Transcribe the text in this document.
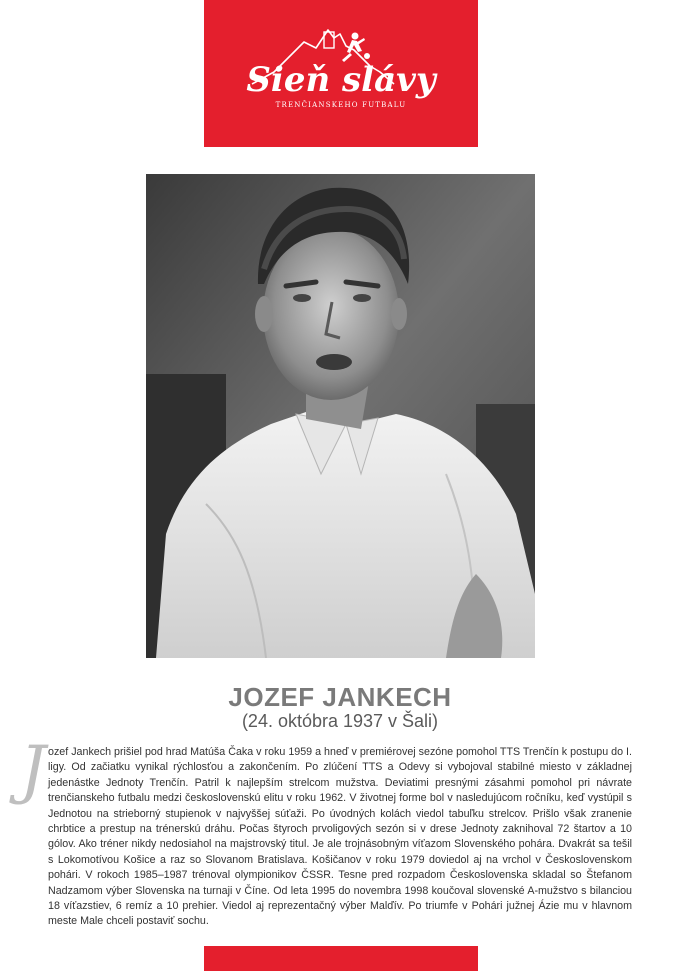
Sieň slávy
TRENČIANSKEHO FUTBALU
JOZEF JANKECH
(24. októbra 1937 v Šali)
J ozef Jankech prišiel pod hrad Matúša Čaka v roku 1959 a hneď v premiérovej sezóne pomohol TTS Trenčín k postupu do I. ligy. Od začiatku vynikal rýchlosťou a zakončením. Po zlúčení TTS a Odevy si vybojoval stabilné miesto v základnej jedenástke Jednoty Trenčín. Patril k najlepším strelcom mužstva. Deviatimi presnými zásahmi pomohol pri návrate trenčianskeho futbalu medzi československú elitu v roku 1962. V životnej forme bol v nasledujúcom ročníku, keď vystúpil s Jednotou na strieborný stupienok v najvyššej súťaži. Po úvodných kolách viedol tabuľku strelcov. Prišlo však zranenie chrbtice a prestup na trénerskú dráhu. Počas štyroch prvoligových sezón si v drese Jednoty zaknihoval 72 štartov a 10 gólov. Ako tréner nikdy nedosiahol na majstrovský titul. Je ale trojnásobným víťazom Slovenského pohára. Dvakrát sa tešil s Lokomotívou Košice a raz so Slovanom Bratislava. Košičanov v roku 1979 doviedol aj na vrchol v Československom pohári. V rokoch 1985–1987 trénoval olympionikov ČSSR. Tesne pred rozpadom Československa skladal so Štefanom Nadzamom výber Slovenska na turnaji v Číne. Od leta 1995 do novembra 1998 koučoval slovenské A-mužstvo s bilanciou 18 víťazstiev, 6 remíz a 10 prehier. Viedol aj reprezentačný výber Malďív. Po triumfe v Pohári južnej Ázie mu v hlavnom meste Male chceli postaviť sochu.
